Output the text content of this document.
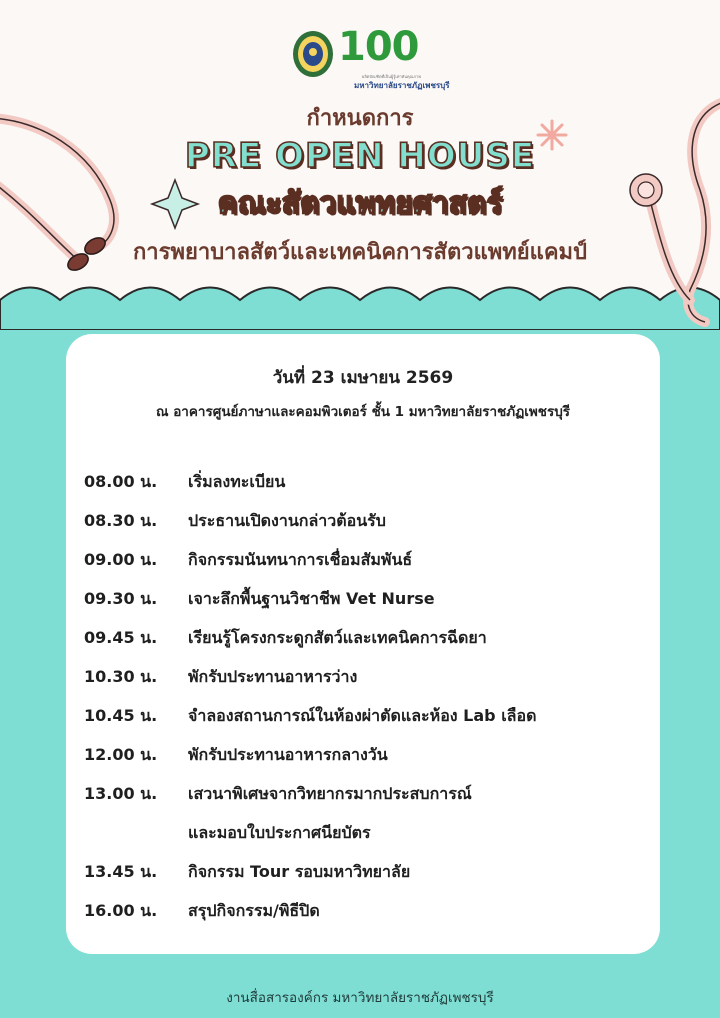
100
ผลิตบัณฑิตที่เป็นผู้รู้เท่าทันคุณภาพ
มหาวิทยาลัยราชภัฏเพชรบุรี
กำหนดการ
PRE OPEN HOUSE
คณะสัตวแพทยศาสตร์
การพยาบาลสัตว์และเทคนิคการสัตวแพทย์แคมป์
วันที่ 23 เมษายน 2569
ณ อาคารศูนย์ภาษาและคอมพิวเตอร์ ชั้น 1 มหาวิทยาลัยราชภัฏเพชรบุรี
08.00 น. เริ่มลงทะเบียน
08.30 น. ประธานเปิดงานกล่าวต้อนรับ
09.00 น. กิจกรรมนันทนาการเชื่อมสัมพันธ์
09.30 น. เจาะลึกพื้นฐานวิชาชีพ Vet Nurse
09.45 น. เรียนรู้โครงกระดูกสัตว์และเทคนิคการฉีดยา
10.30 น. พักรับประทานอาหารว่าง
10.45 น. จำลองสถานการณ์ในห้องผ่าตัดและห้อง Lab เลือด
12.00 น. พักรับประทานอาหารกลางวัน
13.00 น. เสวนาพิเศษจากวิทยากรมากประสบการณ์
และมอบใบประกาศนียบัตร
13.45 น. กิจกรรม Tour รอบมหาวิทยาลัย
16.00 น. สรุปกิจกรรม/พิธีปิด
งานสื่อสารองค์กร มหาวิทยาลัยราชภัฏเพชรบุรี
